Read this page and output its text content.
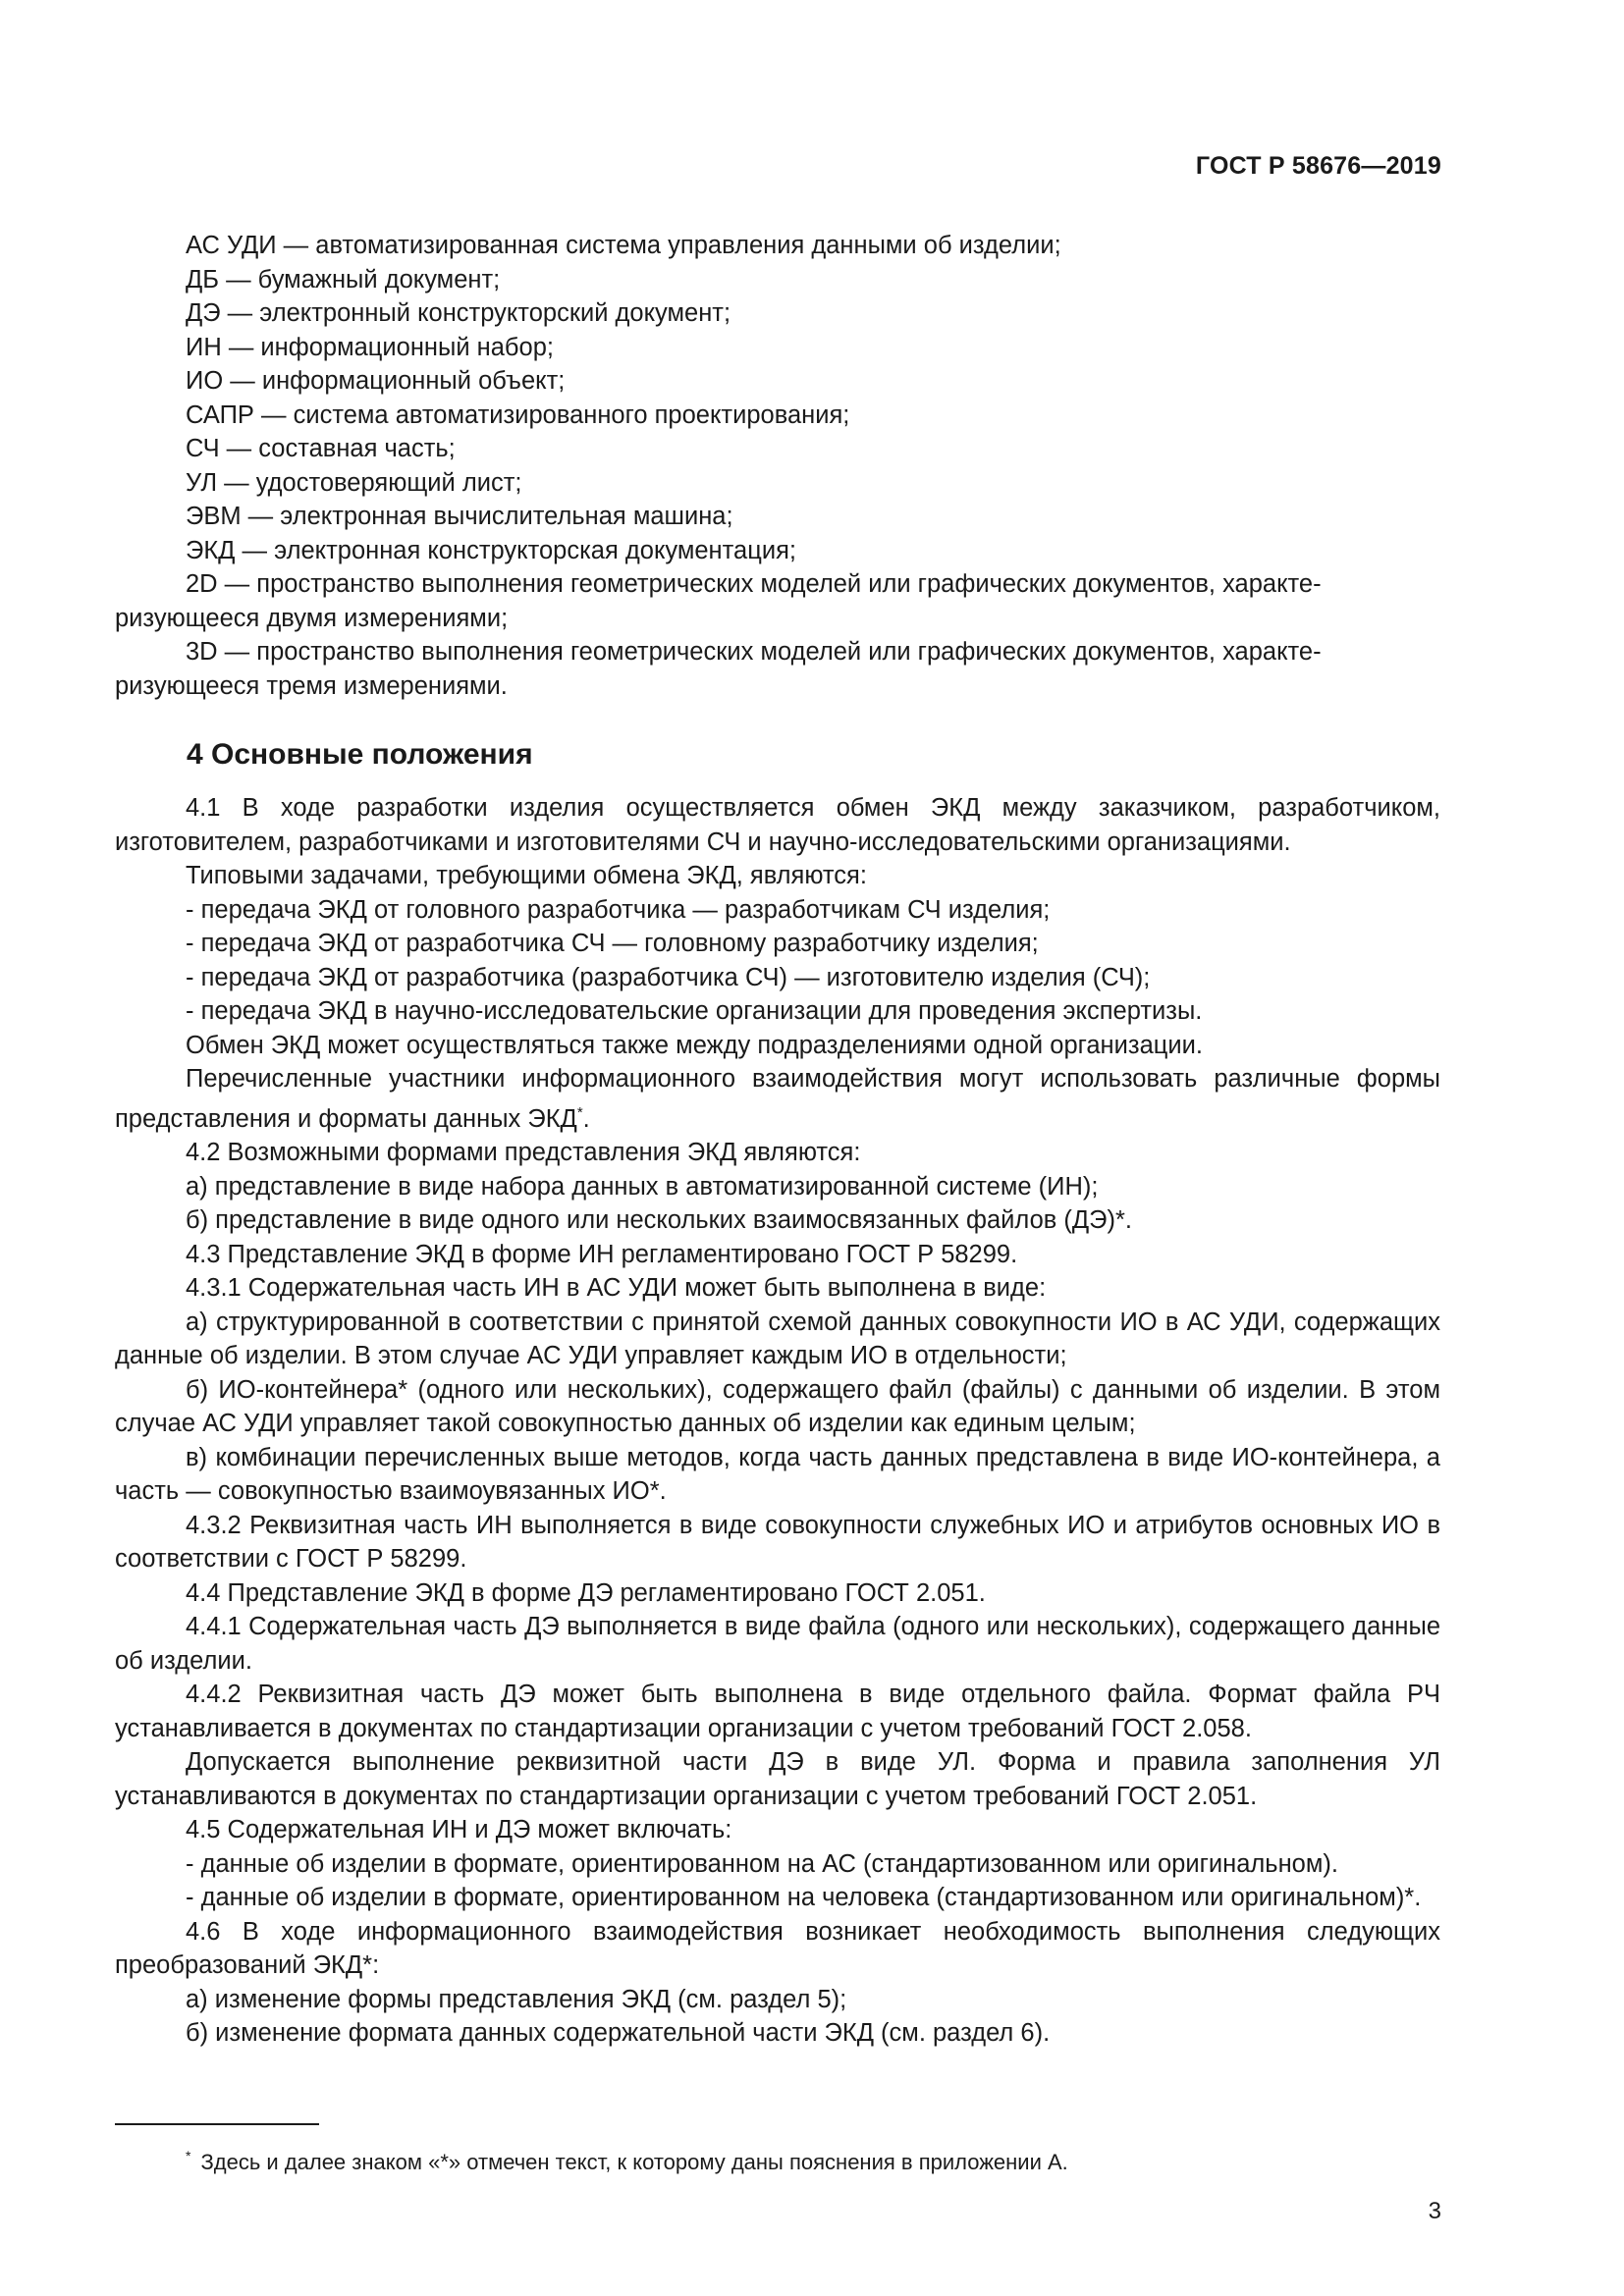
ГОСТ Р 58676—2019
АС УДИ — автоматизированная система управления данными об изделии;
ДБ — бумажный документ;
ДЭ — электронный конструкторский документ;
ИН — информационный набор;
ИО — информационный объект;
САПР — система автоматизированного проектирования;
СЧ — составная часть;
УЛ — удостоверяющий лист;
ЭВМ — электронная вычислительная машина;
ЭКД — электронная конструкторская документация;
2D — пространство выполнения геометрических моделей или графических документов, характе-
ризующееся двумя измерениями;
3D — пространство выполнения геометрических моделей или графических документов, характе-
ризующееся тремя измерениями.
4 Основные положения
4.1 В ходе разработки изделия осуществляется обмен ЭКД между заказчиком, разработчиком, изготовителем, разработчиками и изготовителями СЧ и научно-исследовательскими организациями.
Типовыми задачами, требующими обмена ЭКД, являются:
- передача ЭКД от головного разработчика — разработчикам СЧ изделия;
- передача ЭКД от разработчика СЧ — головному разработчику изделия;
- передача ЭКД от разработчика (разработчика СЧ) — изготовителю изделия (СЧ);
- передача ЭКД в научно-исследовательские организации для проведения экспертизы.
Обмен ЭКД может осуществляться также между подразделениями одной организации.
Перечисленные участники информационного взаимодействия могут использовать различные формы представления и форматы данных ЭКД*.
4.2 Возможными формами представления ЭКД являются:
а) представление в виде набора данных в автоматизированной системе (ИН);
б) представление в виде одного или нескольких взаимосвязанных файлов (ДЭ)*.
4.3 Представление ЭКД в форме ИН регламентировано ГОСТ Р 58299.
4.3.1 Содержательная часть ИН в АС УДИ может быть выполнена в виде:
а) структурированной в соответствии с принятой схемой данных совокупности ИО в АС УДИ, содержащих данные об изделии. В этом случае АС УДИ управляет каждым ИО в отдельности;
б) ИО-контейнера* (одного или нескольких), содержащего файл (файлы) с данными об изделии. В этом случае АС УДИ управляет такой совокупностью данных об изделии как единым целым;
в) комбинации перечисленных выше методов, когда часть данных представлена в виде ИО-контейнера, а часть — совокупностью взаимоувязанных ИО*.
4.3.2 Реквизитная часть ИН выполняется в виде совокупности служебных ИО и атрибутов основных ИО в соответствии с ГОСТ Р 58299.
4.4 Представление ЭКД в форме ДЭ регламентировано ГОСТ 2.051.
4.4.1 Содержательная часть ДЭ выполняется в виде файла (одного или нескольких), содержащего данные об изделии.
4.4.2 Реквизитная часть ДЭ может быть выполнена в виде отдельного файла. Формат файла РЧ устанавливается в документах по стандартизации организации с учетом требований ГОСТ 2.058.
Допускается выполнение реквизитной части ДЭ в виде УЛ. Форма и правила заполнения УЛ устанавливаются в документах по стандартизации организации с учетом требований ГОСТ 2.051.
4.5 Содержательная ИН и ДЭ может включать:
- данные об изделии в формате, ориентированном на АС (стандартизованном или оригинальном).
- данные об изделии в формате, ориентированном на человека (стандартизованном или оригинальном)*.
4.6 В ходе информационного взаимодействия возникает необходимость выполнения следующих преобразований ЭКД*:
а) изменение формы представления ЭКД (см. раздел 5);
б) изменение формата данных содержательной части ЭКД (см. раздел 6).
* Здесь и далее знаком «*» отмечен текст, к которому даны пояснения в приложении А.
3
